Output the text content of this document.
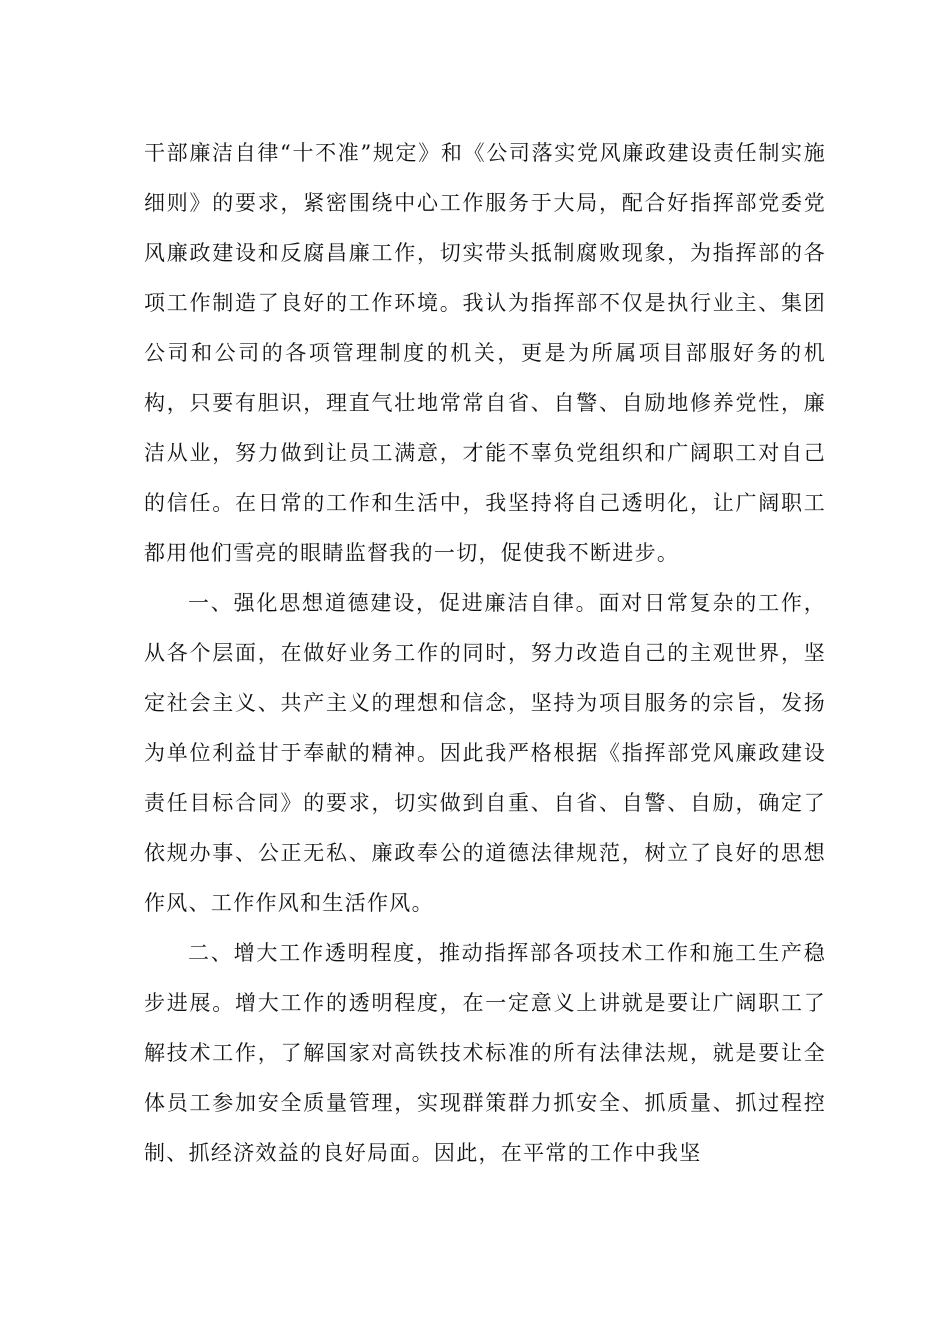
干部廉洁自律“十不准”规定》和《公司落实党风廉政建设责任制实施细则》的要求，紧密围绕中心工作服务于大局，配合好指挥部党委党风廉政建设和反腐昌廉工作，切实带头抵制腐败现象，为指挥部的各项工作制造了良好的工作环境。我认为指挥部不仅是执行业主、集团公司和公司的各项管理制度的机关，更是为所属项目部服好务的机构，只要有胆识，理直气壮地常常自省、自警、自励地修养党性，廉洁从业，努力做到让员工满意，才能不辜负党组织和广阔职工对自己的信任。在日常的工作和生活中，我坚持将自己透明化，让广阔职工都用他们雪亮的眼睛监督我的一切，促使我不断进步。

一、强化思想道德建设，促进廉洁自律。面对日常复杂的工作，从各个层面，在做好业务工作的同时，努力改造自己的主观世界，坚定社会主义、共产主义的理想和信念，坚持为项目服务的宗旨，发扬为单位利益甘于奉献的精神。因此我严格根据《指挥部党风廉政建设责任目标合同》的要求，切实做到自重、自省、自警、自励，确定了依规办事、公正无私、廉政奉公的道德法律规范，树立了良好的思想作风、工作作风和生活作风。

二、增大工作透明程度，推动指挥部各项技术工作和施工生产稳步进展。增大工作的透明程度，在一定意义上讲就是要让广阔职工了解技术工作，了解国家对高铁技术标准的所有法律法规，就是要让全体员工参加安全质量管理，实现群策群力抓安全、抓质量、抓过程控制、抓经济效益的良好局面。因此，在平常的工作中我坚
